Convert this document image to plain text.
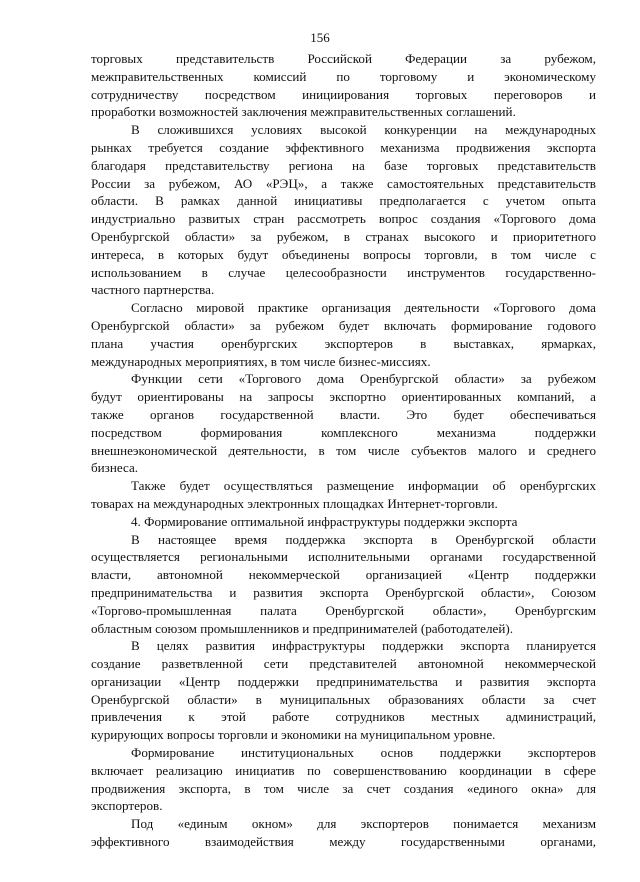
156

торговых представительств Российской Федерации за рубежом,

межправительственных комиссий по торговому и экономическому

сотрудничеству посредством инициирования торговых переговоров и

проработки возможностей заключения межправительственных соглашений.

В сложившихся условиях высокой конкуренции на международных

рынках требуется создание эффективного механизма продвижения экспорта

благодаря представительству региона на базе торговых представительств

России за рубежом, АО «РЭЦ», а также самостоятельных представительств

области. В рамках данной инициативы предполагается с учетом опыта

индустриально развитых стран рассмотреть вопрос создания «Торгового дома

Оренбургской области» за рубежом, в странах высокого и приоритетного

интереса, в которых будут объединены вопросы торговли, в том числе с

использованием в случае целесообразности инструментов государственно-

частного партнерства.

Согласно мировой практике организация деятельности «Торгового дома

Оренбургской области» за рубежом будет включать формирование годового

плана участия оренбургских экспортеров в выставках, ярмарках,

международных мероприятиях, в том числе бизнес-миссиях.

Функции сети «Торгового дома Оренбургской области» за рубежом

будут ориентированы на запросы экспортно ориентированных компаний, а

также органов государственной власти. Это будет обеспечиваться

посредством формирования комплексного механизма поддержки

внешнеэкономической деятельности, в том числе субъектов малого и среднего

бизнеса.

Также будет осуществляться размещение информации об оренбургских

товарах на международных электронных площадках Интернет-торговли.

4. Формирование оптимальной инфраструктуры поддержки экспорта

В настоящее время поддержка экспорта в Оренбургской области

осуществляется региональными исполнительными органами государственной

власти, автономной некоммерческой организацией «Центр поддержки

предпринимательства и развития экспорта Оренбургской области», Союзом

«Торгово-промышленная палата Оренбургской области», Оренбургским

областным союзом промышленников и предпринимателей (работодателей).

В целях развития инфраструктуры поддержки экспорта планируется

создание разветвленной сети представителей автономной некоммерческой

организации «Центр поддержки предпринимательства и развития экспорта

Оренбургской области» в муниципальных образованиях области за счет

привлечения к этой работе сотрудников местных администраций,

курирующих вопросы торговли и экономики на муниципальном уровне.

Формирование институциональных основ поддержки экспортеров

включает реализацию инициатив по совершенствованию координации в сфере

продвижения экспорта, в том числе за счет создания «единого окна» для

экспортеров.

Под «единым окном» для экспортеров понимается механизм

эффективного взаимодействия между государственными органами,
